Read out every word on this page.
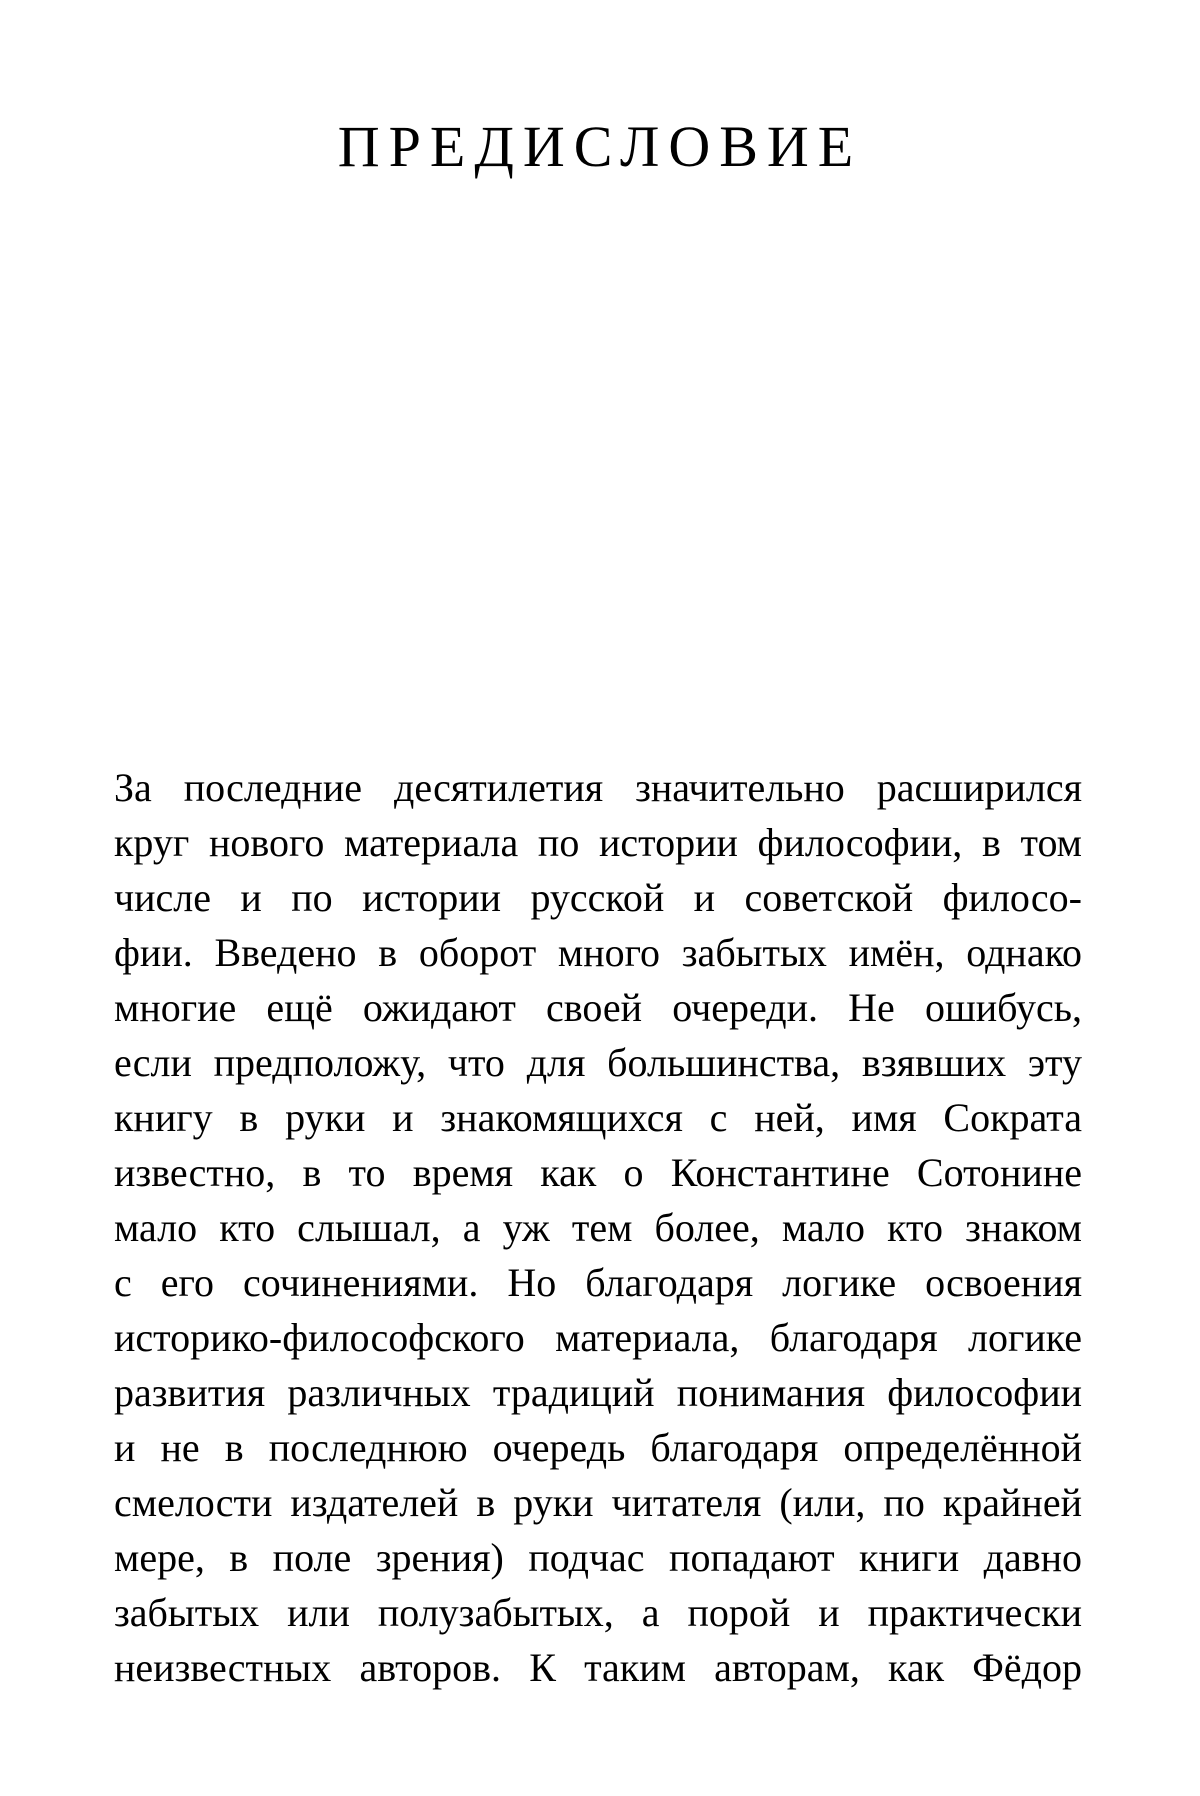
ПРЕДИСЛОВИЕ
За последние десятилетия значительно расширился
круг нового материала по истории философии, в том
числе и по истории русской и советской филосо-
фии. Введено в оборот много забытых имён, однако
многие ещё ожидают своей очереди. Не ошибусь,
если предположу, что для большинства, взявших эту
книгу в руки и знакомящихся с ней, имя Сократа
известно, в то время как о Константине Сотонине
мало кто слышал, а уж тем более, мало кто знаком
с его сочинениями. Но благодаря логике освоения
историко-философского материала, благодаря логике
развития различных традиций понимания философии
и не в последнюю очередь благодаря определённой
смелости издателей в руки читателя (или, по крайней
мере, в поле зрения) подчас попадают книги давно
забытых или полузабытых, а порой и практически
неизвестных авторов. К таким авторам, как Фёдор
